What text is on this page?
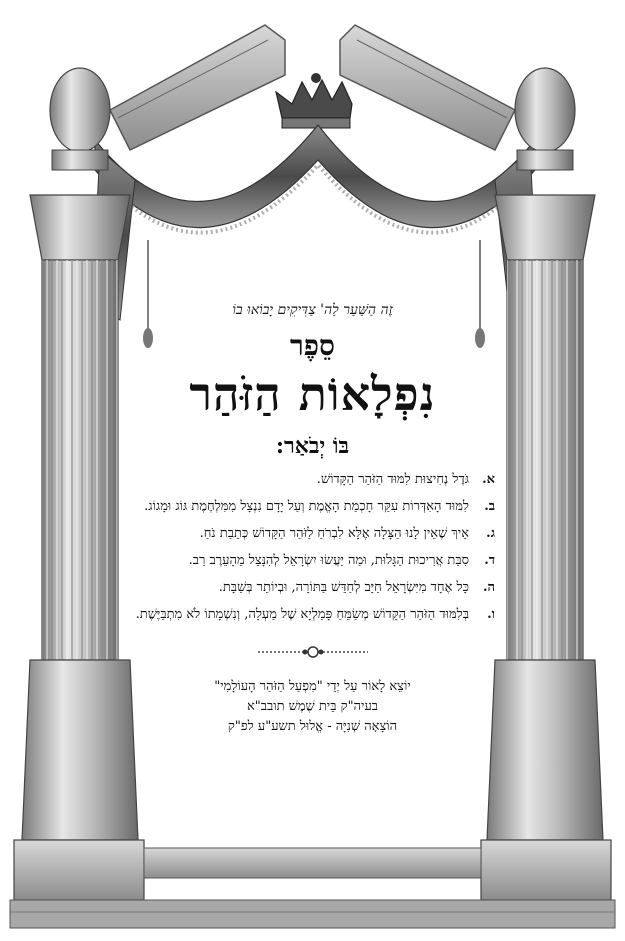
זֶה הַשַּׁעַר לַה' צַדִּיקִים יָבוֹאוּ בוֹ
סֵפֶר
נִפְלָאוֹת הַזֹּהַר
בּוֹ יְבֹאַר:
א.
גֹּדֶל נְחִיצוּת לִמּוּד הַזֹּהַר הַקָּדוֹשׁ.
ב.
לִמּוּד הָאִדְּרוֹת עִקַּר חָכְמַת הָאֱמֶת וְעַל יָדָם נִנְצָל מִמִּלְחֶמֶת גּוֹג וּמָגוֹג.
ג.
אֵיךְ שֶׁאֵין לָנוּ הַצָּלָה אֶלָּא לִבְרֹחַ לַזֹּהַר הַקָּדוֹשׁ כְּתֵבַת נֹחַ.
ד.
סִבַּת אֲרִיכוּת הַגָּלוּת, וּמַה יַּעֲשׂוּ יִשְׂרָאֵל לְהִנָּצֵל מֵהָעֵרֶב רַב.
ה.
כָּל אֶחָד מִיִּשְׂרָאֵל חַיָּב לְחַדֵּשׁ בַּתּוֹרָה, וּבְיוֹתֵר בְּשַׁבָּת.
ו.
בְּלִמּוּד הַזֹּהַר הַקָּדוֹשׁ מְשַׂמֵּחַ פָּמַלְיָא שֶׁל מַעְלָה, וְנִשְׁמָתוֹ לֹא מִתְבַּיֶּשֶׁת.
יוֹצֵא לָאוֹר עַל יְדֵי "מִפְעַל הַזֹּהַר הָעוֹלָמִי"
בעיה"ק בֵּית שֶׁמֶשׁ תובב"א
הוֹצָאָה שְׁנִיָּה - אֱלוּל תשע"ע לפ"ק
